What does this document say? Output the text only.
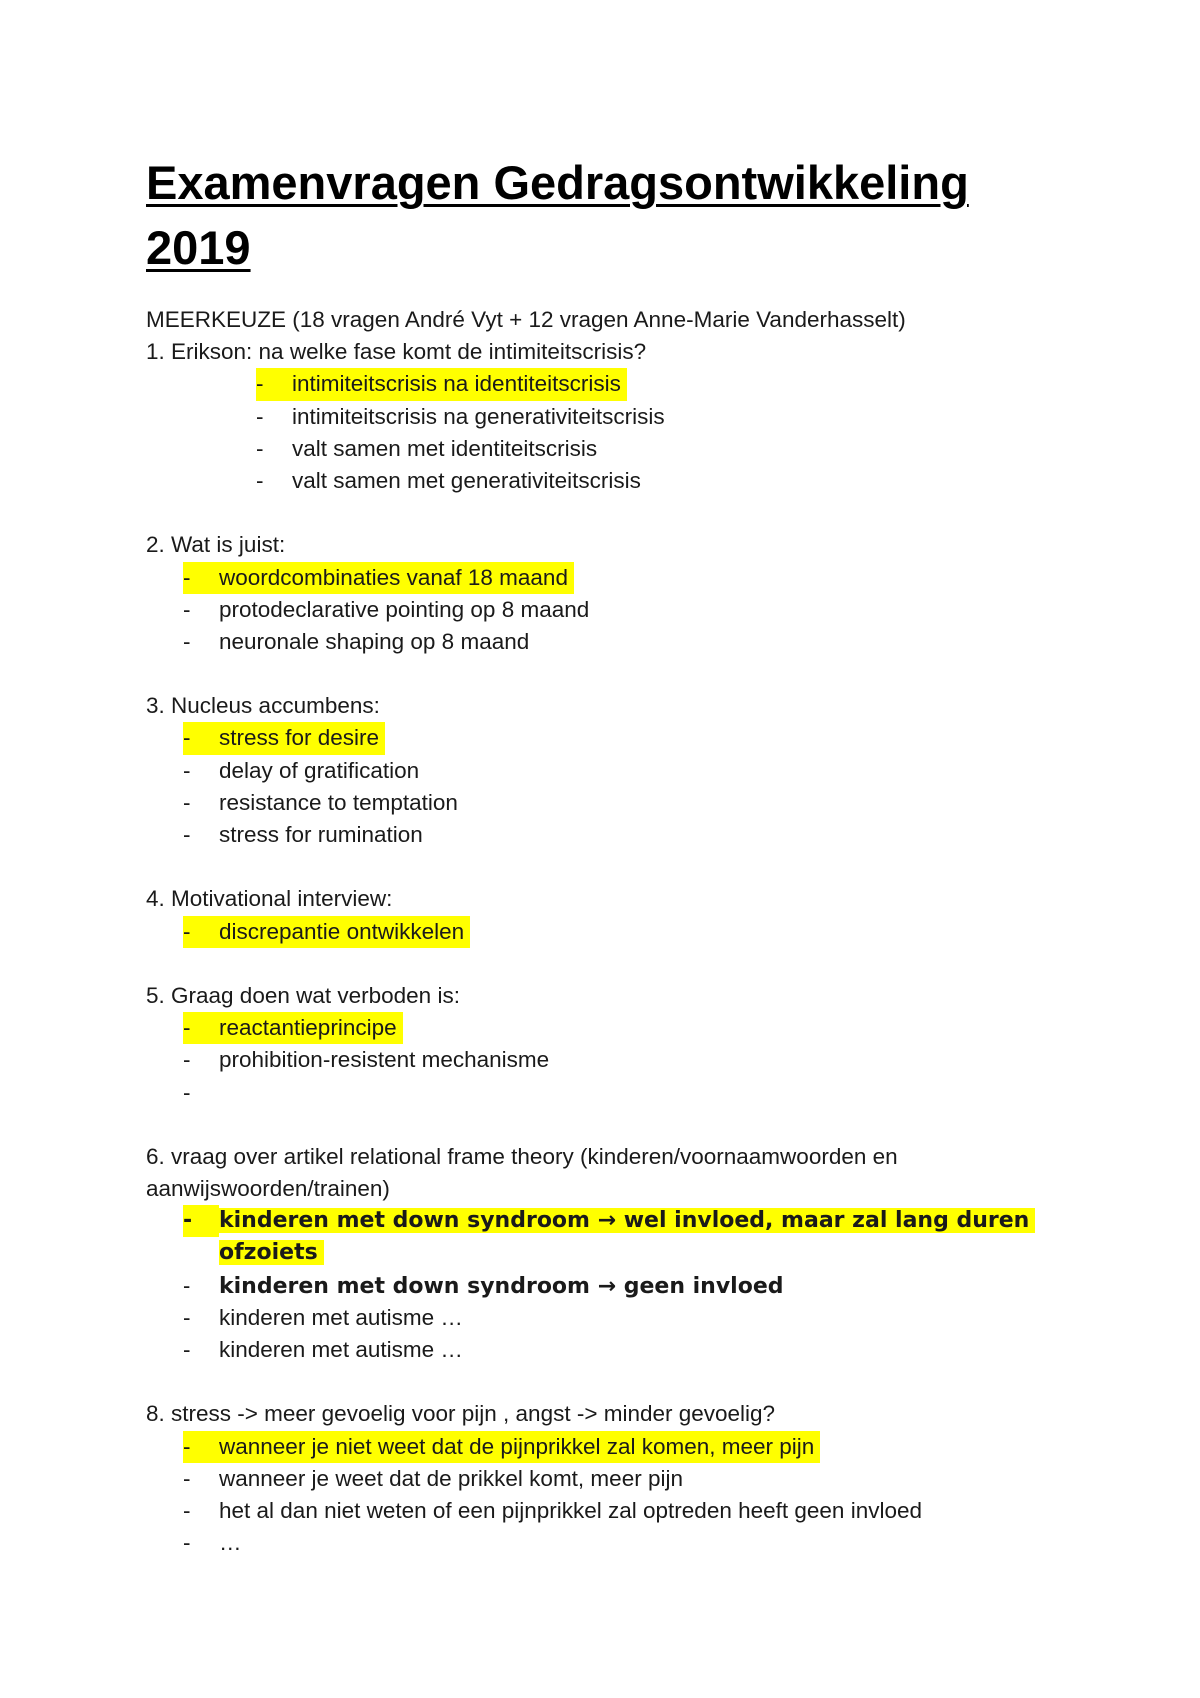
Examenvragen Gedragsontwikkeling 2019
MEERKEUZE (18 vragen André Vyt + 12 vragen Anne-Marie Vanderhasselt)
1. Erikson: na welke fase komt de intimiteitscrisis?
- intimiteitscrisis na identiteitscrisis
- intimiteitscrisis na generativiteitscrisis
- valt samen met identiteitscrisis
- valt samen met generativiteitscrisis
2. Wat is juist:
- woordcombinaties vanaf 18 maand
- protodeclarative pointing op 8 maand
- neuronale shaping op 8 maand
3. Nucleus accumbens:
- stress for desire
- delay of gratification
- resistance to temptation
- stress for rumination
4. Motivational interview:
- discrepantie ontwikkelen
5. Graag doen wat verboden is:
- reactantieprincipe
- prohibition-resistent mechanisme
-
6. vraag over artikel relational frame theory (kinderen/voornaamwoorden en
aanwijswoorden/trainen)
- kinderen met down syndroom → wel invloed, maar zal lang duren ofzoiets
- kinderen met down syndroom → geen invloed
- kinderen met autisme …
- kinderen met autisme …
8. stress -> meer gevoelig voor pijn , angst -> minder gevoelig?
- wanneer je niet weet dat de pijnprikkel zal komen, meer pijn
- wanneer je weet dat de prikkel komt, meer pijn
- het al dan niet weten of een pijnprikkel zal optreden heeft geen invloed
- …
